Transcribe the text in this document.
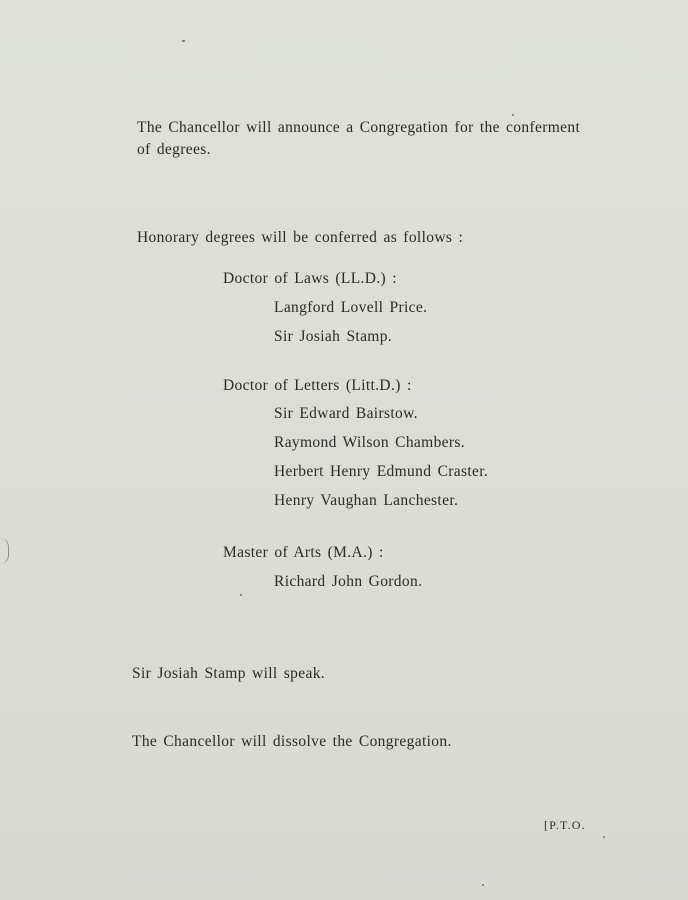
The Chancellor will announce a Congregation for the conferment of degrees.
Honorary degrees will be conferred as follows :
Doctor of Laws (LL.D.) :
Langford Lovell Price.
Sir Josiah Stamp.
Doctor of Letters (Litt.D.) :
Sir Edward Bairstow.
Raymond Wilson Chambers.
Herbert Henry Edmund Craster.
Henry Vaughan Lanchester.
Master of Arts (M.A.) :
Richard John Gordon.
Sir Josiah Stamp will speak.
The Chancellor will dissolve the Congregation.
[P.T.O.
